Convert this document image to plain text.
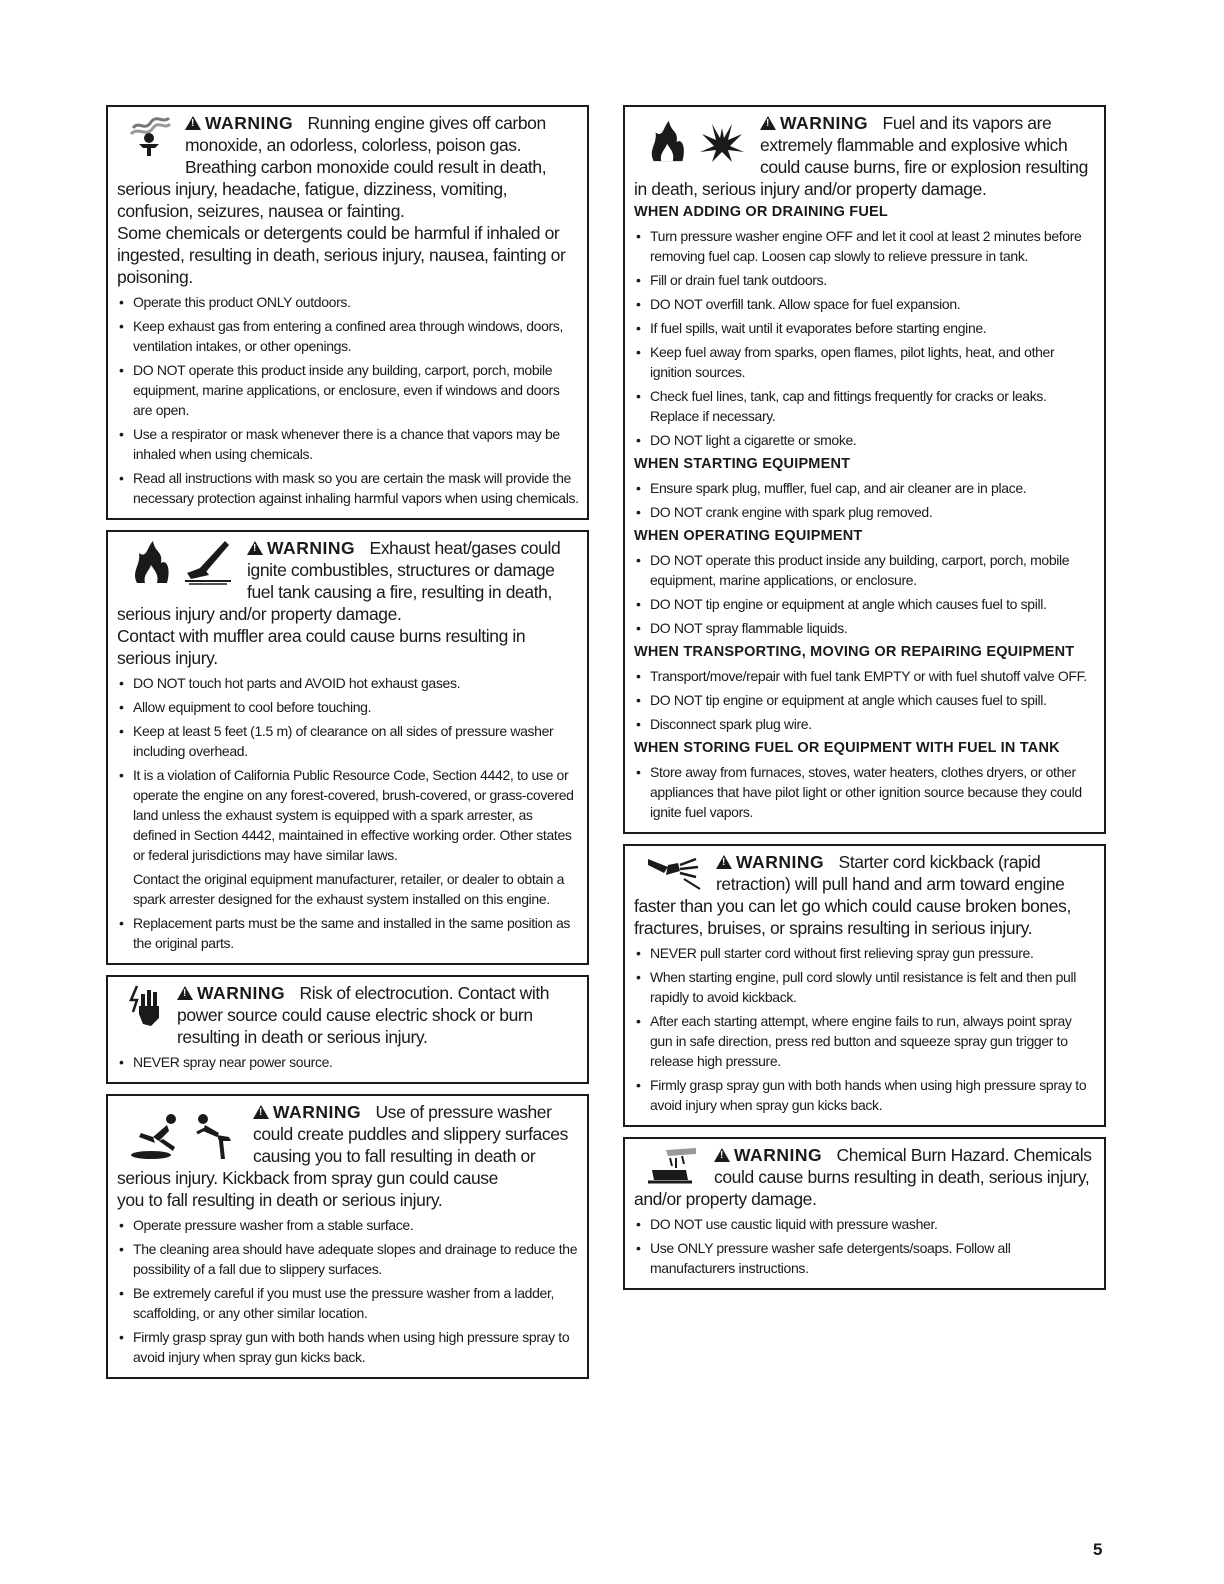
!WARNING Running engine gives off carbon monoxide, an odorless, colorless, poison gas. Breathing carbon monoxide could result in death, serious injury, headache, fatigue, dizziness, vomiting, confusion, seizures, nausea or fainting.
Some chemicals or detergents could be harmful if inhaled or ingested, resulting in death, serious injury, nausea, fainting or poisoning.
• Operate this product ONLY outdoors.
• Keep exhaust gas from entering a confined area through windows, doors, ventilation intakes, or other openings.
• DO NOT operate this product inside any building, carport, porch, mobile equipment, marine applications, or enclosure, even if windows and doors are open.
• Use a respirator or mask whenever there is a chance that vapors may be inhaled when using chemicals.
• Read all instructions with mask so you are certain the mask will provide the necessary protection against inhaling harmful vapors when using chemicals.
!WARNING Exhaust heat/gases could ignite combustibles, structures or damage fuel tank causing a fire, resulting in death, serious injury and/or property damage.
Contact with muffler area could cause burns resulting in serious injury.
• DO NOT touch hot parts and AVOID hot exhaust gases.
• Allow equipment to cool before touching.
• Keep at least 5 feet (1.5 m) of clearance on all sides of pressure washer including overhead.
• It is a violation of California Public Resource Code, Section 4442, to use or operate the engine on any forest-covered, brush-covered, or grass-covered land unless the exhaust system is equipped with a spark arrester, as defined in Section 4442, maintained in effective working order. Other states or federal jurisdictions may have similar laws.
Contact the original equipment manufacturer, retailer, or dealer to obtain a spark arrester designed for the exhaust system installed on this engine.
• Replacement parts must be the same and installed in the same position as the original parts.
!WARNING Risk of electrocution. Contact with power source could cause electric shock or burn resulting in death or serious injury.
• NEVER spray near power source.
!WARNING Use of pressure washer could create puddles and slippery surfaces causing you to fall resulting in death or serious injury. Kickback from spray gun could cause
you to fall resulting in death or serious injury.
• Operate pressure washer from a stable surface.
• The cleaning area should have adequate slopes and drainage to reduce the possibility of a fall due to slippery surfaces.
• Be extremely careful if you must use the pressure washer from a ladder, scaffolding, or any other similar location.
• Firmly grasp spray gun with both hands when using high pressure spray to avoid injury when spray gun kicks back.
!WARNING Fuel and its vapors are extremely flammable and explosive which could cause burns, fire or explosion resulting in death, serious injury and/or property damage.
WHEN ADDING OR DRAINING FUEL
• Turn pressure washer engine OFF and let it cool at least 2 minutes before removing fuel cap. Loosen cap slowly to relieve pressure in tank.
• Fill or drain fuel tank outdoors.
• DO NOT overfill tank. Allow space for fuel expansion.
• If fuel spills, wait until it evaporates before starting engine.
• Keep fuel away from sparks, open flames, pilot lights, heat, and other ignition sources.
• Check fuel lines, tank, cap and fittings frequently for cracks or leaks. Replace if necessary.
• DO NOT light a cigarette or smoke.
WHEN STARTING EQUIPMENT
• Ensure spark plug, muffler, fuel cap, and air cleaner are in place.
• DO NOT crank engine with spark plug removed.
WHEN OPERATING EQUIPMENT
• DO NOT operate this product inside any building, carport, porch, mobile equipment, marine applications, or enclosure.
• DO NOT tip engine or equipment at angle which causes fuel to spill.
• DO NOT spray flammable liquids.
WHEN TRANSPORTING, MOVING OR REPAIRING EQUIPMENT
• Transport/move/repair with fuel tank EMPTY or with fuel shutoff valve OFF.
• DO NOT tip engine or equipment at angle which causes fuel to spill.
• Disconnect spark plug wire.
WHEN STORING FUEL OR EQUIPMENT WITH FUEL IN TANK
• Store away from furnaces, stoves, water heaters, clothes dryers, or other appliances that have pilot light or other ignition source because they could ignite fuel vapors.
!WARNING Starter cord kickback (rapid retraction) will pull hand and arm toward engine faster than you can let go which could cause broken bones, fractures, bruises, or sprains resulting in serious injury.
• NEVER pull starter cord without first relieving spray gun pressure.
• When starting engine, pull cord slowly until resistance is felt and then pull rapidly to avoid kickback.
• After each starting attempt, where engine fails to run, always point spray gun in safe direction, press red button and squeeze spray gun trigger to release high pressure.
• Firmly grasp spray gun with both hands when using high pressure spray to avoid injury when spray gun kicks back.
!WARNING Chemical Burn Hazard. Chemicals could cause burns resulting in death, serious injury, and/or property damage.
• DO NOT use caustic liquid with pressure washer.
• Use ONLY pressure washer safe detergents/soaps. Follow all manufacturers instructions.
5
